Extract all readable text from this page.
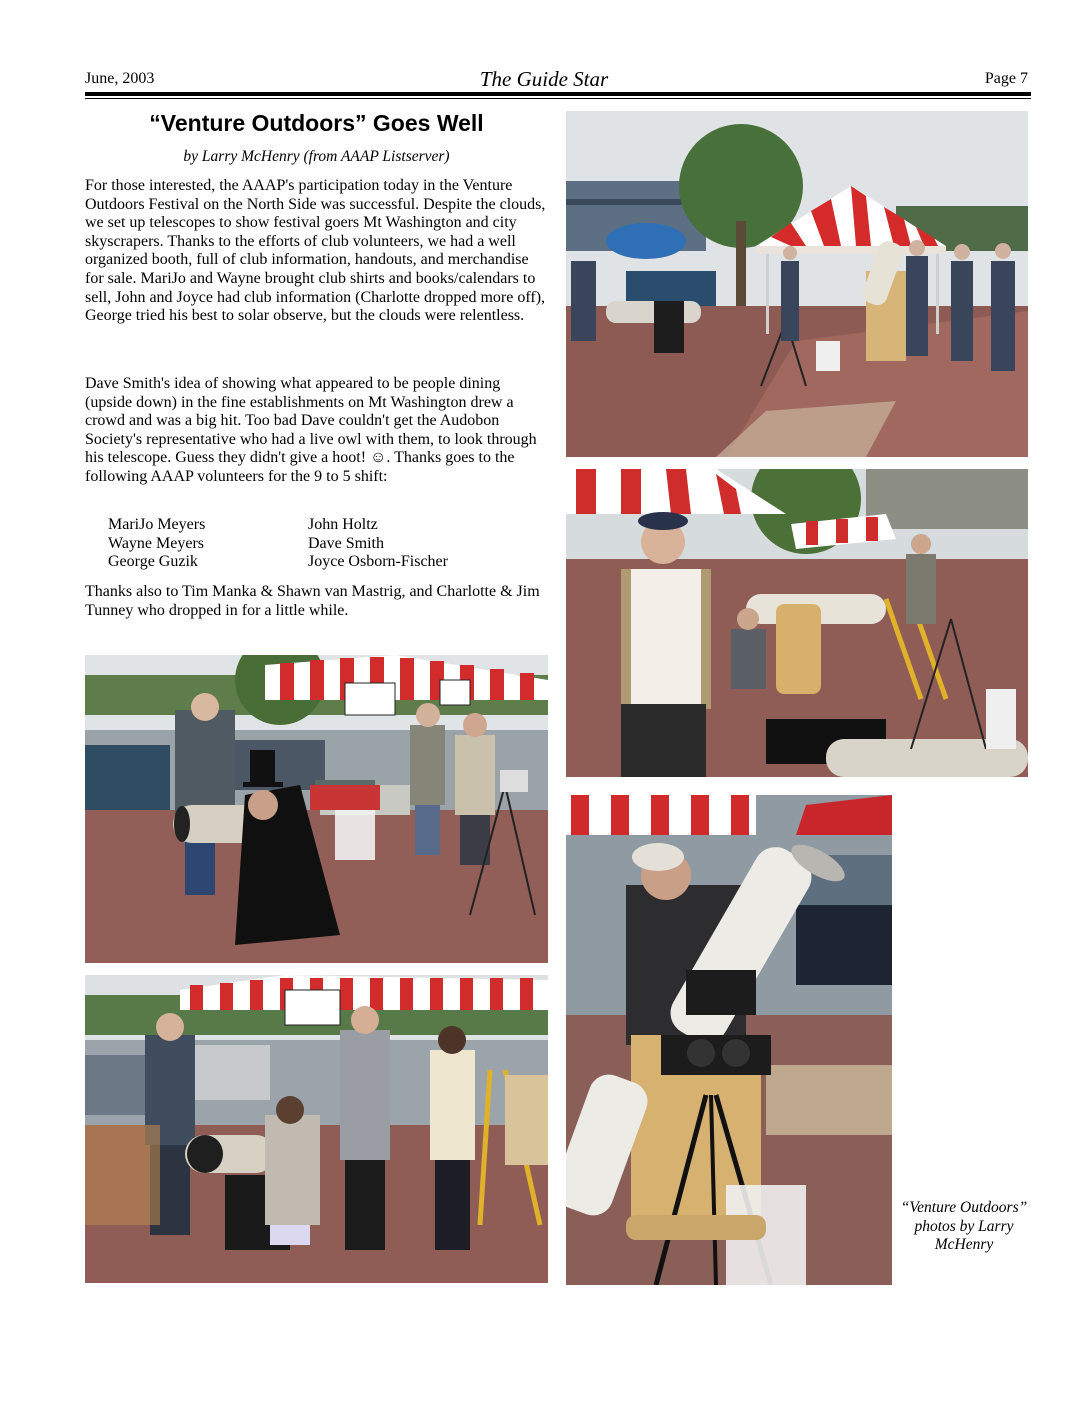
June, 2003	The Guide Star	Page 7
“Venture Outdoors” Goes Well
by Larry McHenry (from AAAP Listserver)

For those interested, the AAAP's participation today in the Venture Outdoors Festival on the North Side was successful. Despite the clouds, we set up telescopes to show festival goers Mt Washington and city skyscrapers. Thanks to the efforts of club volunteers, we had a well organized booth, full of club information, handouts, and merchandise for sale. MariJo and Wayne brought club shirts and books/calendars to sell, John and Joyce had club information (Charlotte dropped more off), George tried his best to solar observe, but the clouds were relentless.

Dave Smith's idea of showing what appeared to be people dining (upside down) in the fine establishments on Mt Washington drew a crowd and was a big hit. Too bad Dave couldn't get the Audobon Society's representative who had a live owl with them, to look through his telescope. Guess they didn't give a hoot! ☺. Thanks goes to the following AAAP volunteers for the 9 to 5 shift:

MariJo Meyers
Wayne Meyers
George Guzik
John Holtz
Dave Smith
Joyce Osborn-Fischer

Thanks also to Tim Manka & Shawn van Mastrig, and Charlotte & Jim Tunney who dropped in for a little while.

“Venture Outdoors” photos by Larry McHenry
